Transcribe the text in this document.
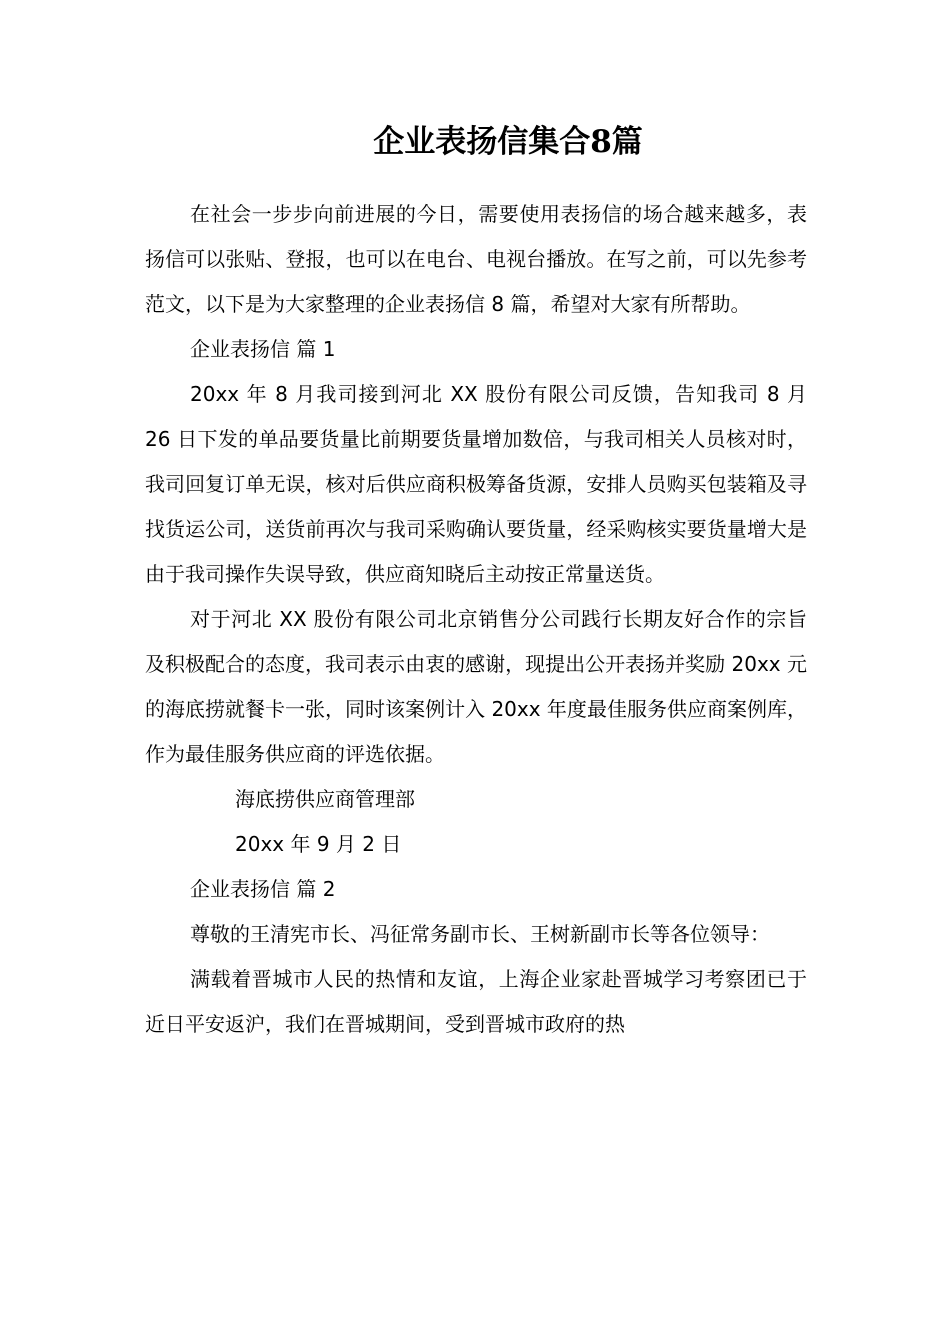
企业表扬信集合8篇

在社会一步步向前进展的今日，需要使用表扬信的场合越来越多，表扬信可以张贴、登报，也可以在电台、电视台播放。在写之前，可以先参考范文，以下是为大家整理的企业表扬信 8 篇，希望对大家有所帮助。

企业表扬信 篇 1

20xx 年 8 月我司接到河北 XX 股份有限公司反馈，告知我司 8 月 26 日下发的单品要货量比前期要货量增加数倍，与我司相关人员核对时，我司回复订单无误，核对后供应商积极筹备货源，安排人员购买包装箱及寻找货运公司，送货前再次与我司采购确认要货量，经采购核实要货量增大是由于我司操作失误导致，供应商知晓后主动按正常量送货。

对于河北 XX 股份有限公司北京销售分公司践行长期友好合作的宗旨及积极配合的态度，我司表示由衷的感谢，现提出公开表扬并奖励 20xx 元的海底捞就餐卡一张，同时该案例计入 20xx 年度最佳服务供应商案例库，作为最佳服务供应商的评选依据。

海底捞供应商管理部

20xx 年 9 月 2 日

企业表扬信 篇 2

尊敬的王清宪市长、冯征常务副市长、王树新副市长等各位领导：

满载着晋城市人民的热情和友谊，上海企业家赴晋城学习考察团已于近日平安返沪，我们在晋城期间，受到晋城市政府的热
